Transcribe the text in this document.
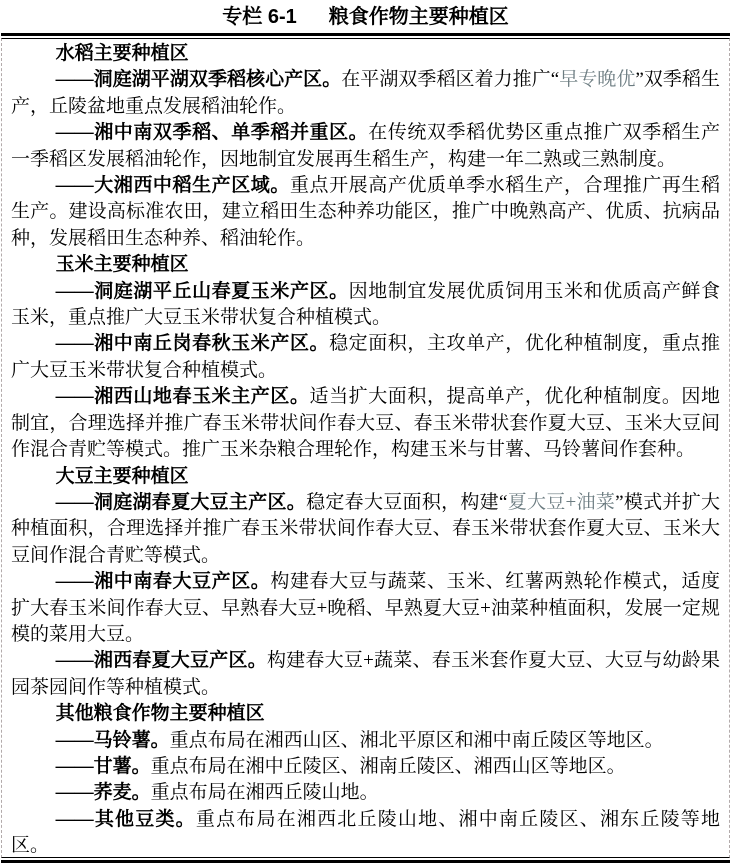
专栏 6-1 粮食作物主要种植区

水稻主要种植区

——洞庭湖平湖双季稻核心产区。在平湖双季稻区着力推广“早专晚优”双季稻生产，丘陵盆地重点发展稻油轮作。

——湘中南双季稻、单季稻并重区。在传统双季稻优势区重点推广双季稻生产一季稻区发展稻油轮作，因地制宜发展再生稻生产，构建一年二熟或三熟制度。

——大湘西中稻生产区域。重点开展高产优质单季水稻生产，合理推广再生稻生产。建设高标准农田，建立稻田生态种养功能区，推广中晚熟高产、优质、抗病品种，发展稻田生态种养、稻油轮作。

玉米主要种植区

——洞庭湖平丘山春夏玉米产区。因地制宜发展优质饲用玉米和优质高产鲜食玉米，重点推广大豆玉米带状复合种植模式。

——湘中南丘岗春秋玉米产区。稳定面积，主攻单产，优化种植制度，重点推广大豆玉米带状复合种植模式。

——湘西山地春玉米主产区。适当扩大面积，提高单产，优化种植制度。因地制宜，合理选择并推广春玉米带状间作春大豆、春玉米带状套作夏大豆、玉米大豆间作混合青贮等模式。推广玉米杂粮合理轮作，构建玉米与甘薯、马铃薯间作套种。

大豆主要种植区

——洞庭湖春夏大豆主产区。稳定春大豆面积，构建“夏大豆+油菜”模式并扩大种植面积，合理选择并推广春玉米带状间作春大豆、春玉米带状套作夏大豆、玉米大豆间作混合青贮等模式。

——湘中南春大豆产区。构建春大豆与蔬菜、玉米、红薯两熟轮作模式，适度扩大春玉米间作春大豆、早熟春大豆+晚稻、早熟夏大豆+油菜种植面积，发展一定规模的菜用大豆。

——湘西春夏大豆产区。构建春大豆+蔬菜、春玉米套作夏大豆、大豆与幼龄果园茶园间作等种植模式。

其他粮食作物主要种植区

——马铃薯。重点布局在湘西山区、湘北平原区和湘中南丘陵区等地区。

——甘薯。重点布局在湘中丘陵区、湘南丘陵区、湘西山区等地区。

——荞麦。重点布局在湘西丘陵山地。

——其他豆类。重点布局在湘西北丘陵山地、湘中南丘陵区、湘东丘陵等地区。
